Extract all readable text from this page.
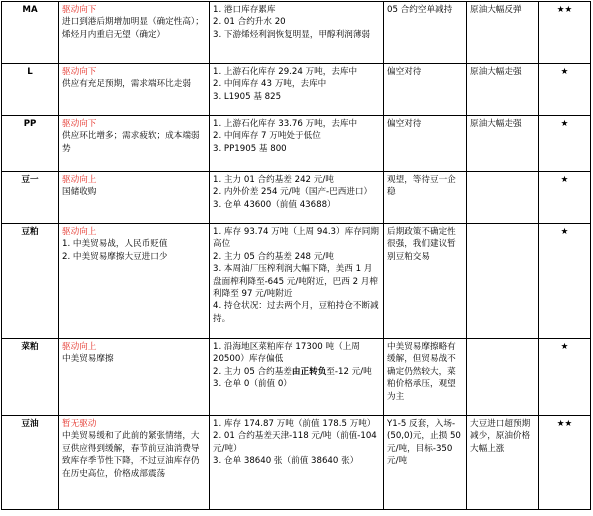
MA	驱动向下
进口到港后期增加明显（确定性高）；
烯烃月内重启无望（确定）	1. 港口库存累库
2. 01 合约升水 20
3. 下游烯烃利润恢复明显，甲醇利润薄弱	05 合约空单减持	原油大幅反弹	★★
L	驱动向下
供应有充足预期，需求端环比走弱	1. 上游石化库存 29.24 万吨，去库中
2. 中间库存 43 万吨，去库中
3. L1905 基 825	偏空对待	原油大幅走强	★
PP	驱动向下
供应环比增多；需求疲软；成本端弱势	1. 上游石化库存 33.76 万吨，去库中
2. 中间库存 7 万吨处于低位
3. PP1905 基 800	偏空对待	原油大幅走强	★
豆一	驱动向上
国储收购	1. 主力 01 合约基差 242 元/吨
2. 内外价差 254 元/吨（国产-巴西进口）
3. 仓单 43600（前值 43688）	观望，等待豆一企稳		★
豆粕	驱动向上
1. 中美贸易战，人民币贬值
2. 中美贸易摩擦大豆进口少	1. 库存 93.74 万吨（上周 94.3）库存同期高位
2. 主力 05 合约基差 248 元/吨
3. 本周油厂压榨利润大幅下降，美西 1 月盘面榨利降至-645 元/吨附近，巴西 2 月榨利降至 97 元/吨附近
4. 持仓状况：过去两个月，豆粕持仓不断减持。	后期政策不确定性很强，我们建议暂别豆粕交易		★
菜粕	驱动向上
中美贸易摩擦	1. 沿海地区菜粕库存 17300 吨（上周 20500）库存偏低
2. 主力 05 合约基差由正转负至-12 元/吨
3. 仓单 0（前值 0）	中美贸易摩擦略有缓解，但贸易战不确定仍然较大，菜粕价格承压，观望为主		★
豆油	暂无驱动
中美贸易缓和了此前的紧张情绪，大豆供应得到缓解，春节前豆油消费导致库存季节性下降，不过豆油库存仍在历史高位，价格成部震荡	1. 库存 174.87 万吨（前值 178.5 万吨）
2. 01 合约基差天津-118 元/吨（前值-104 元/吨）
3. 仓单 38640 张（前值 38640 张）	Y1-5 反套，入场-(50,0)元，止损 50 元/吨，目标-350 元/吨	大豆进口超预期减少，原油价格大幅上涨	★★
